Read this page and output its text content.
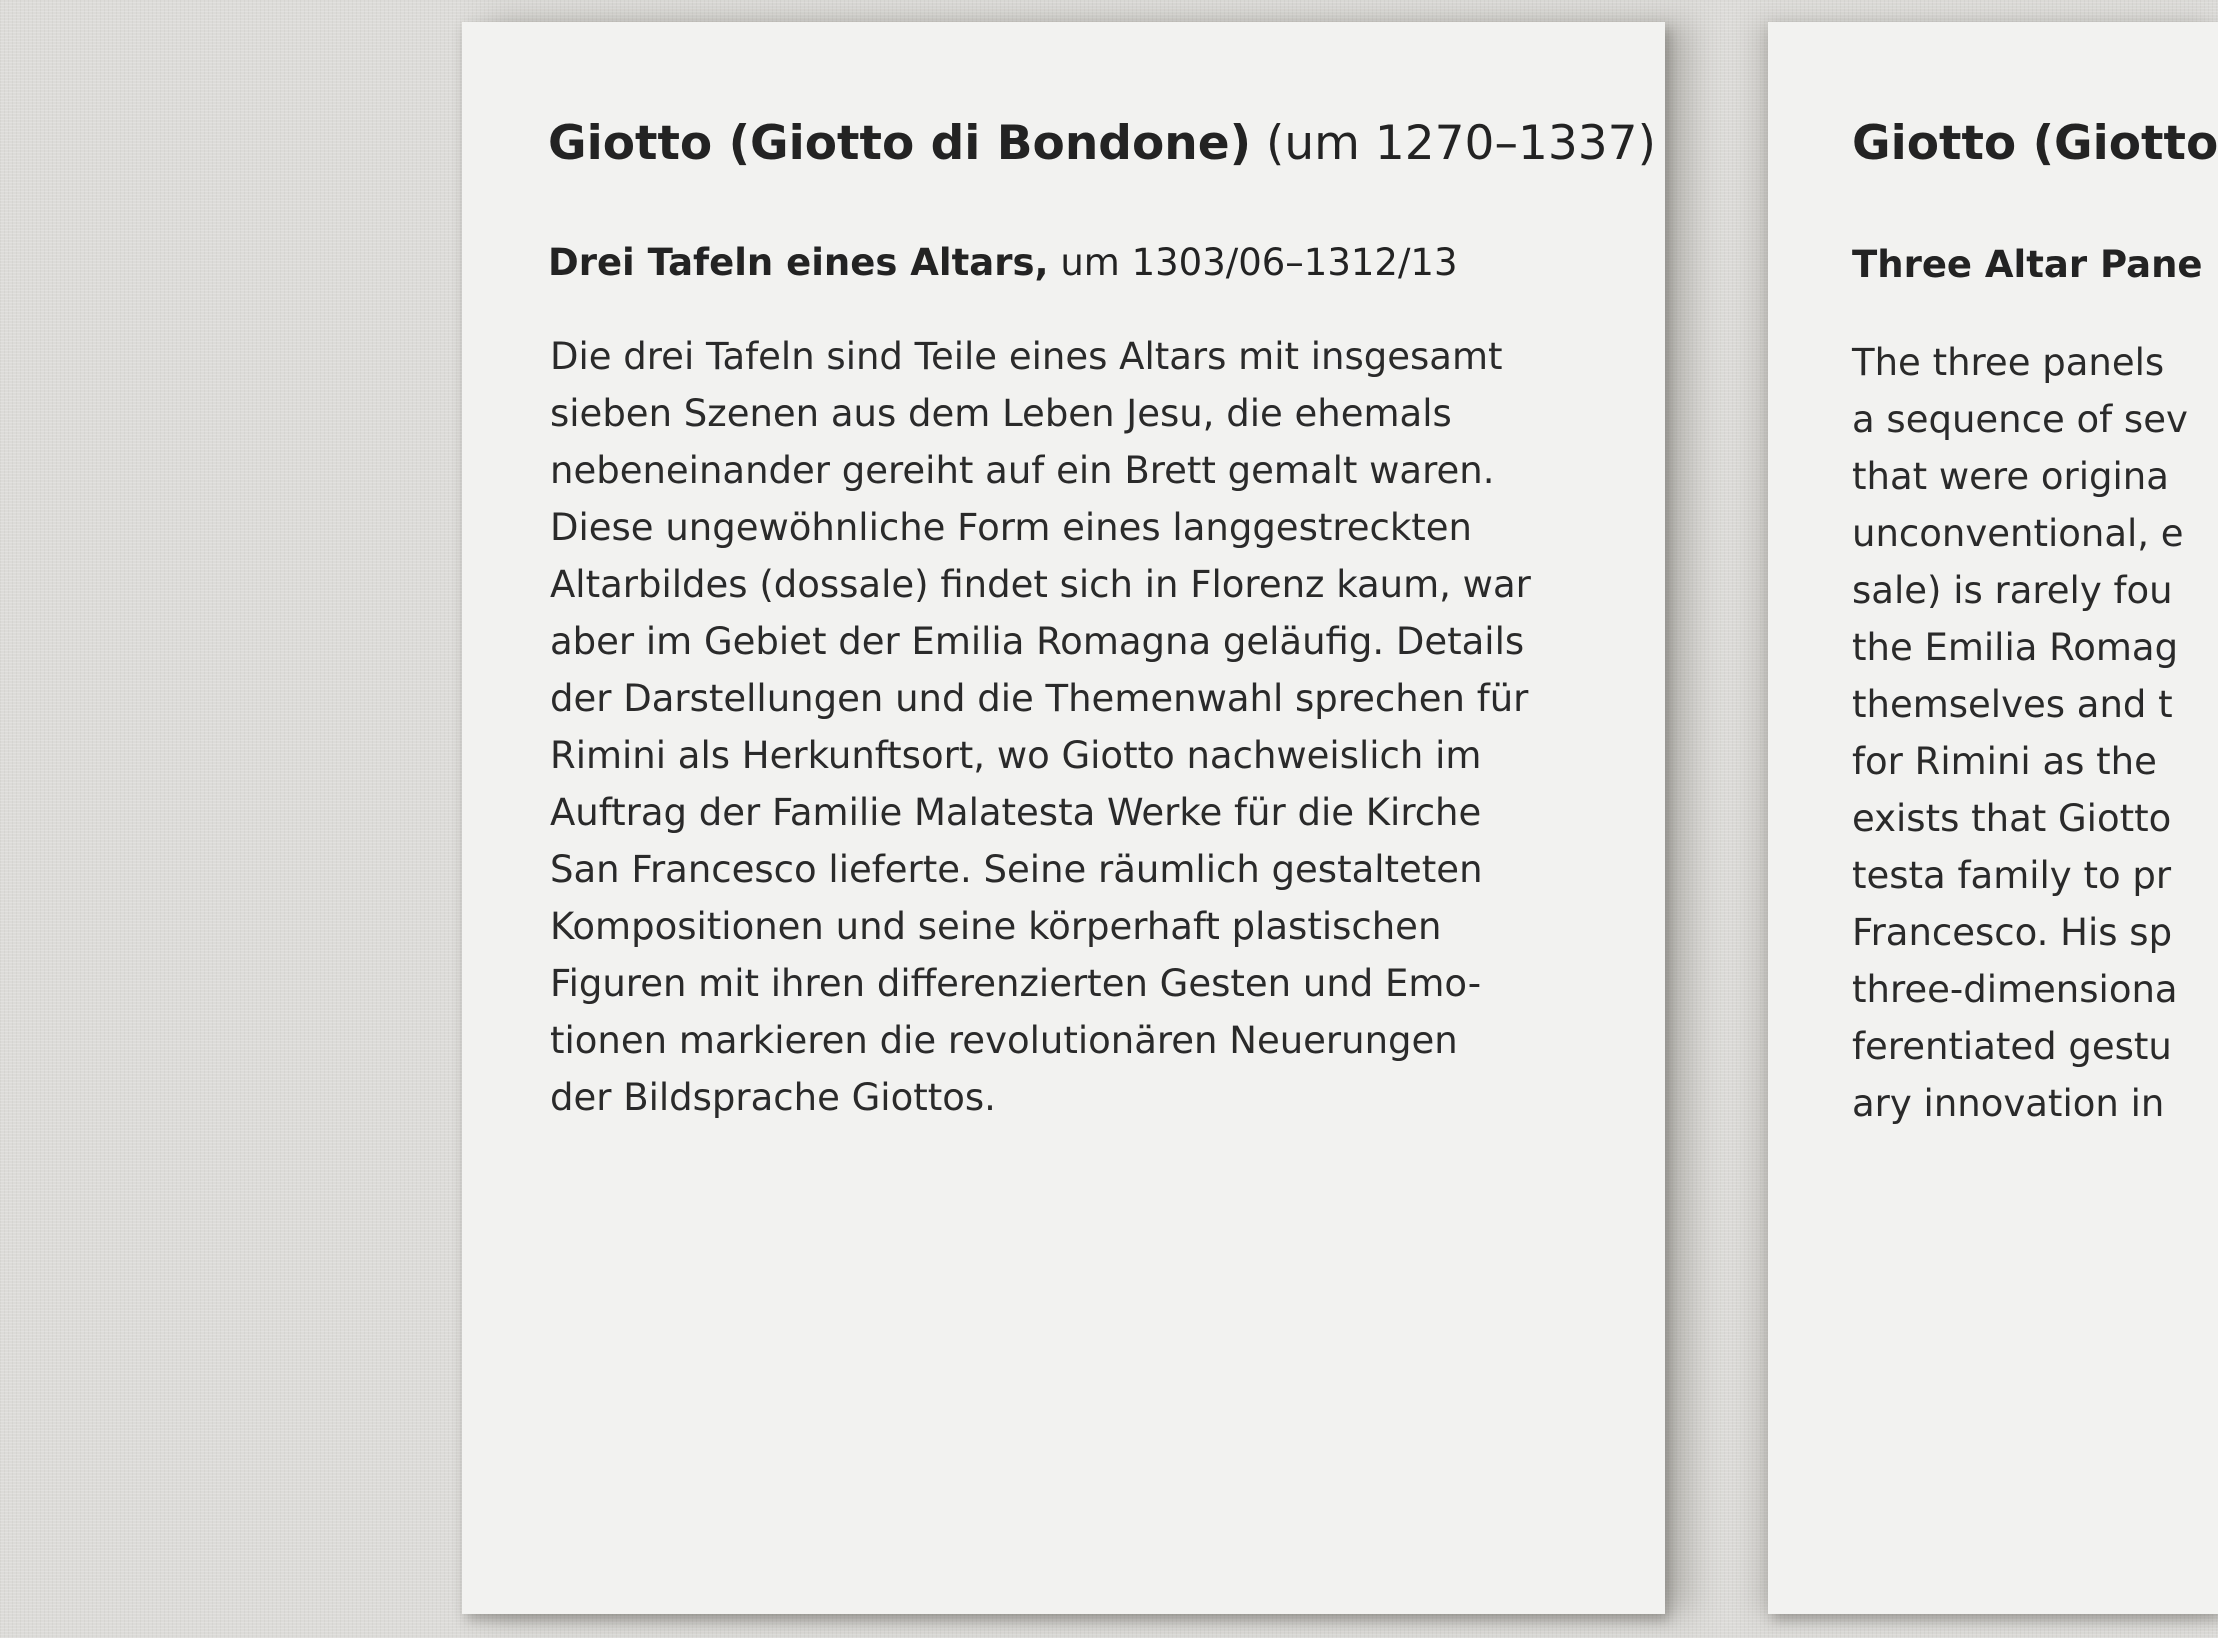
Giotto (Giotto di Bondone) (um 1270–1337)
Drei Tafeln eines Altars, um 1303/06–1312/13
Die drei Tafeln sind Teile eines Altars mit insgesamt
sieben Szenen aus dem Leben Jesu, die ehemals
nebeneinander gereiht auf ein Brett gemalt waren.
Diese ungewöhnliche Form eines langgestreckten
Altarbildes (dossale) findet sich in Florenz kaum, war
aber im Gebiet der Emilia Romagna geläufig. Details
der Darstellungen und die Themenwahl sprechen für
Rimini als Herkunftsort, wo Giotto nachweislich im
Auftrag der Familie Malatesta Werke für die Kirche
San Francesco lieferte. Seine räumlich gestalteten
Kompositionen und seine körperhaft plastischen
Figuren mit ihren differenzierten Gesten und Emo-
tionen markieren die revolutionären Neuerungen
der Bildsprache Giottos.
Giotto (Giotto
Three Altar Pane
The three panels
a sequence of sev
that were origina
unconventional, e
sale) is rarely fou
the Emilia Romag
themselves and t
for Rimini as the
exists that Giotto
testa family to pr
Francesco. His sp
three-dimensiona
ferentiated gestu
ary innovation in
